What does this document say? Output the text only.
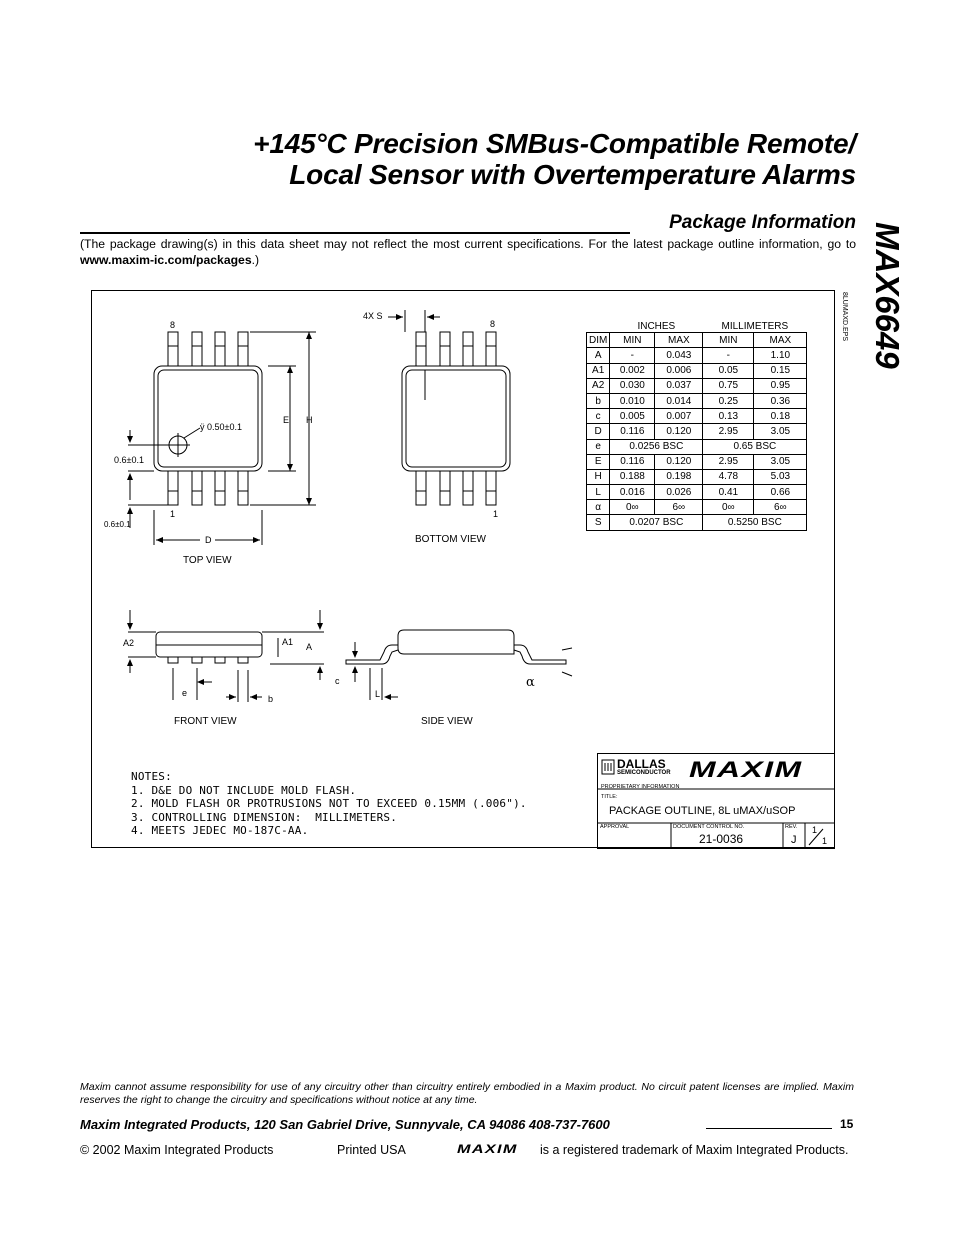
+145°C Precision SMBus-Compatible Remote/
Local Sensor with Overtemperature Alarms
MAX6649
Package Information
(The package drawing(s) in this data sheet may not reflect the most current specifications. For the latest package outline information, go to www.maxim-ic.com/packages.)
8LUMAXD.EPS
8
1
ÿ 0.50±0.1
0.6±0.1
0.6±0.1
E H
D
TOP VIEW
4X S
8
1
BOTTOM VIEW
A2	A1 A
e
b
FRONT VIEW
c
L
α
SIDE VIEW
	INCHES		MILLIMETERS	
DIM	MIN	MAX	MIN	MAX
A	-	0.043	-	1.10
A1	0.002	0.006	0.05	0.15
A2	0.030	0.037	0.75	0.95
b	0.010	0.014	0.25	0.36
c	0.005	0.007	0.13	0.18
D	0.116	0.120	2.95	3.05
e	0.0256 BSC		0.65 BSC	
E	0.116	0.120	2.95	3.05
H	0.188	0.198	4.78	5.03
L	0.016	0.026	0.41	0.66
α	0∞	6∞	0∞	6∞
S	0.0207 BSC		0.5250 BSC	
NOTES:
1. D&E DO NOT INCLUDE MOLD FLASH.
2. MOLD FLASH OR PROTRUSIONS NOT TO EXCEED 0.15MM (.006").
3. CONTROLLING DIMENSION:  MILLIMETERS.
4. MEETS JEDEC MO-187C-AA.
DALLAS
SEMICONDUCTOR MAXIM
PROPRIETARY INFORMATION
TITLE:
PACKAGE OUTLINE, 8L uMAX/uSOP
APPROVAL	DOCUMENT CONTROL NO.
21-0036
REV.
J
1
1
Maxim cannot assume responsibility for use of any circuitry other than circuitry entirely embodied in a Maxim product. No circuit patent licenses are implied. Maxim reserves the right to change the circuitry and specifications without notice at any time.
Maxim Integrated Products, 120 San Gabriel Drive, Sunnyvale, CA 94086 408-737-7600	15
© 2002 Maxim Integrated Products	Printed USA	MAXIM is a registered trademark of Maxim Integrated Products.
